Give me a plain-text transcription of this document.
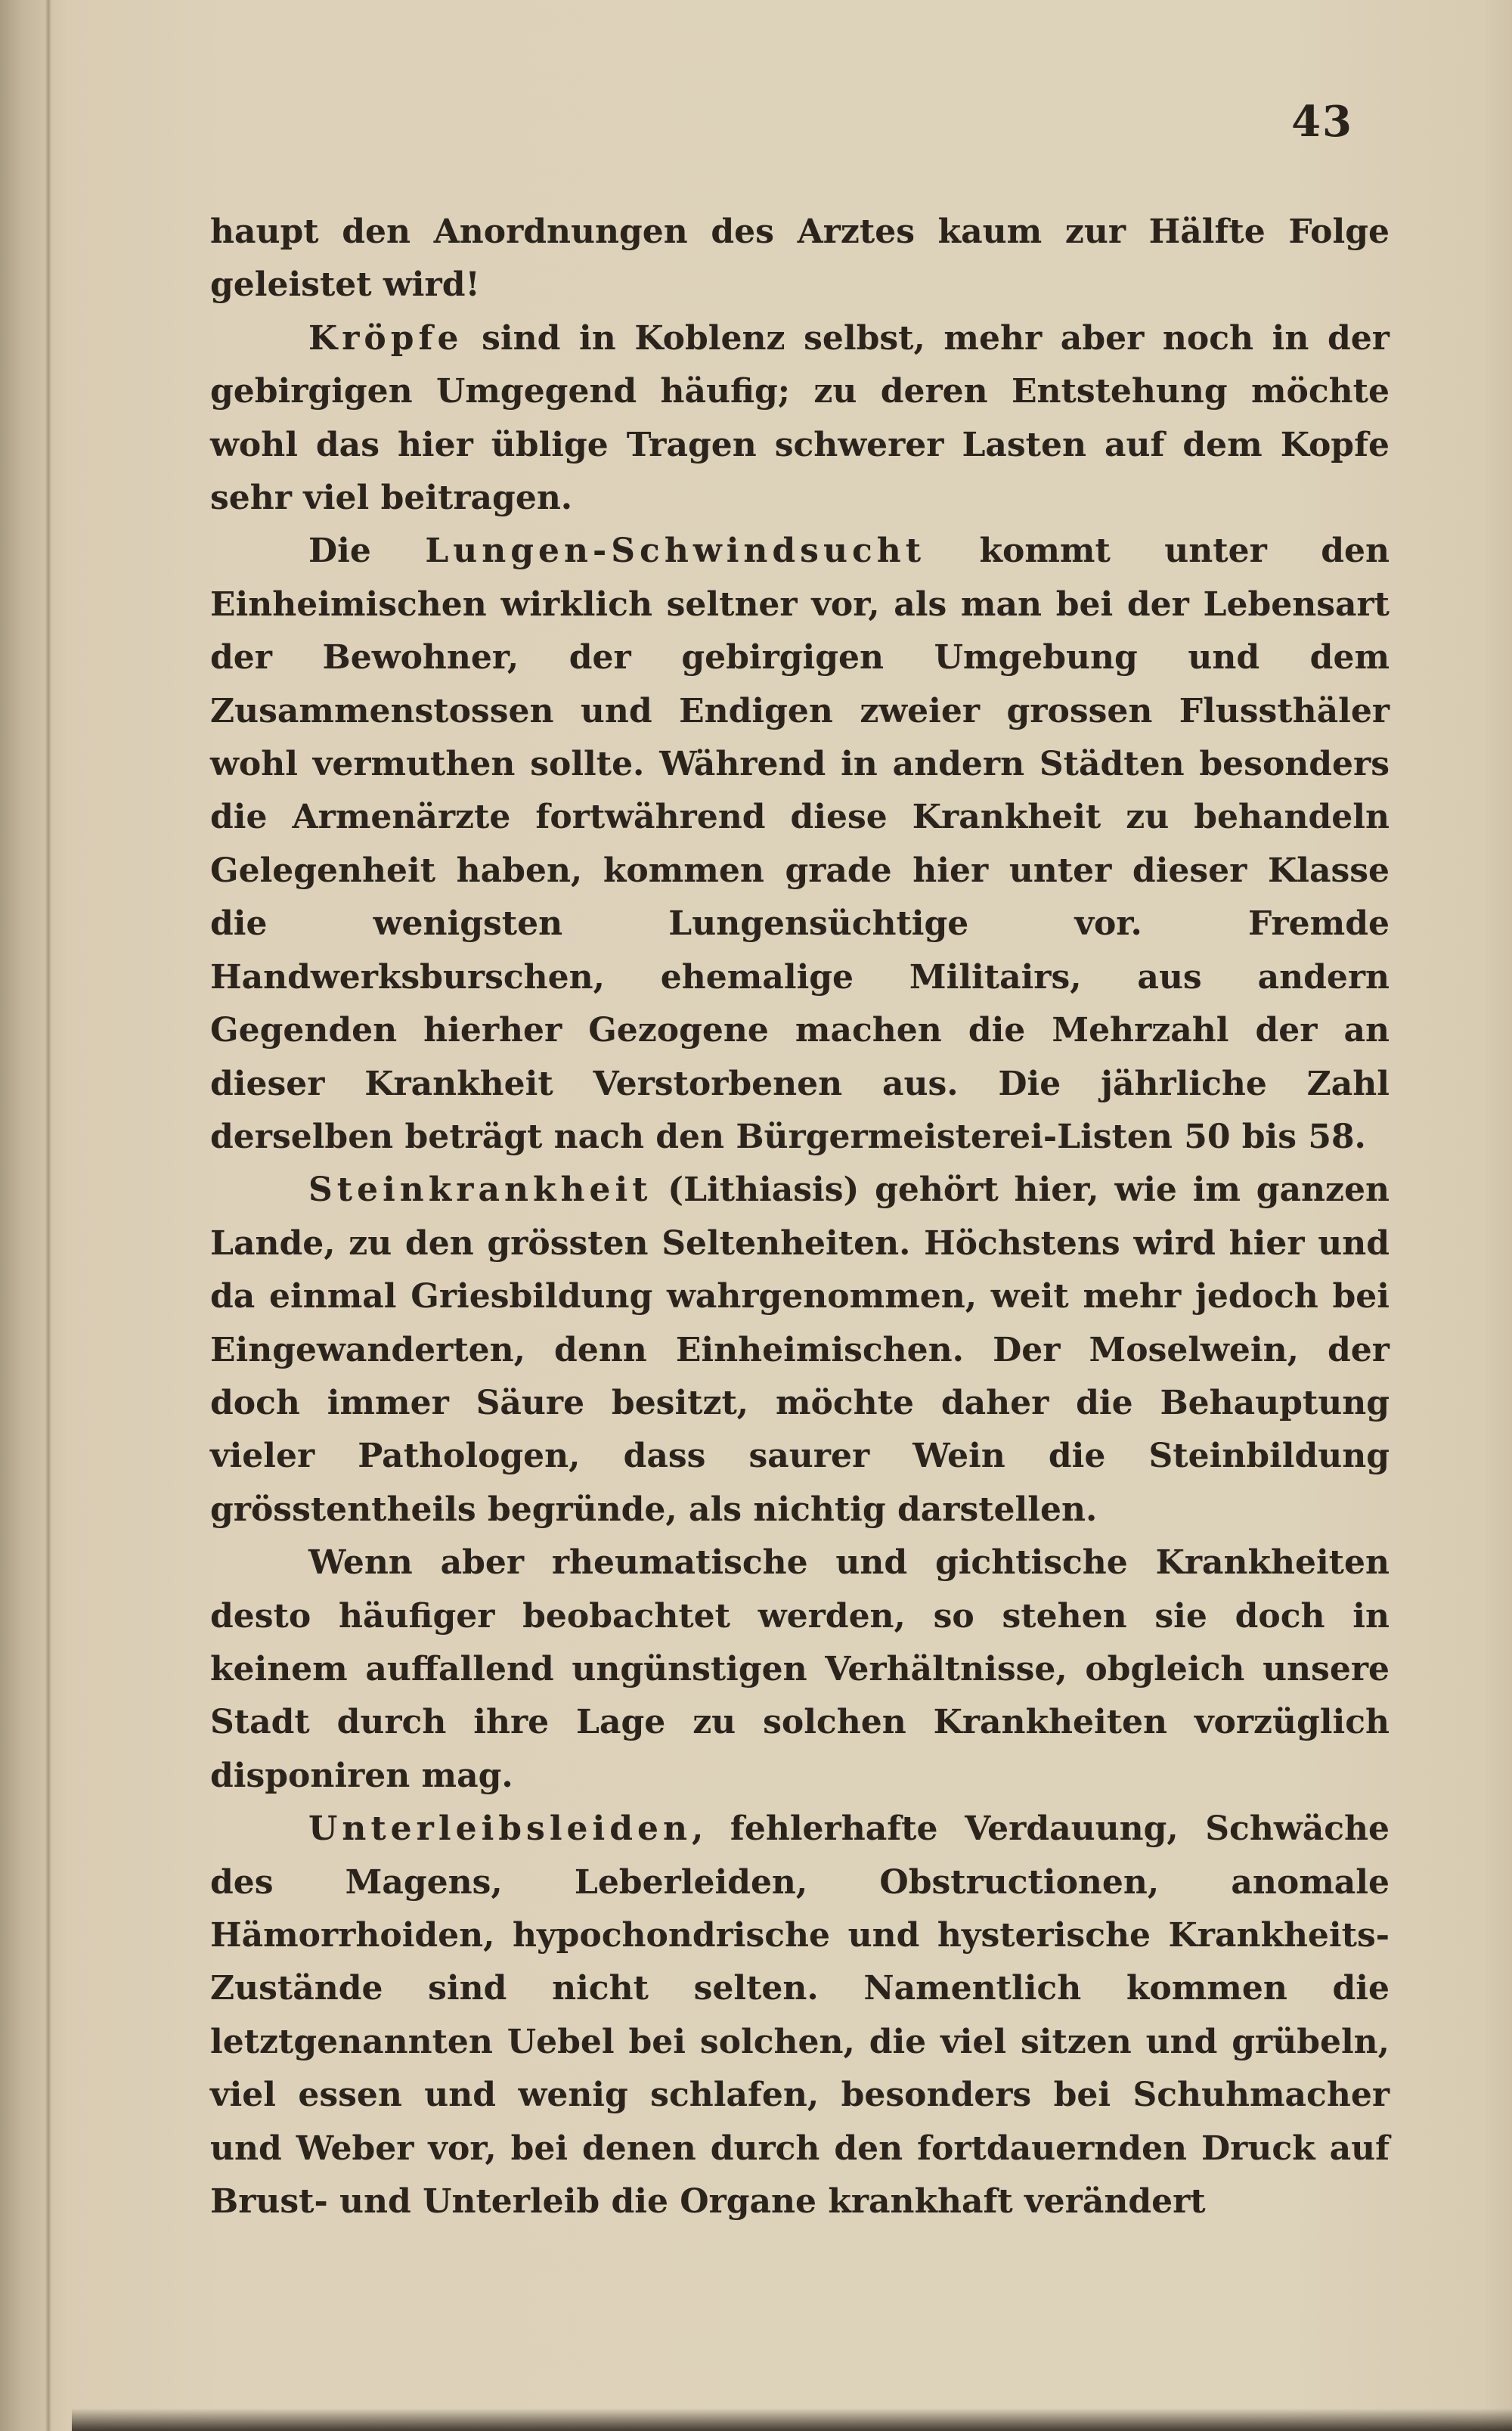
43

haupt den Anordnungen des Arztes kaum zur Hälfte Folge geleistet wird!

Kröpfe sind in Koblenz selbst, mehr aber noch in der gebirgigen Umgegend häufig; zu deren Entstehung möchte wohl das hier üblige Tragen schwerer Lasten auf dem Kopfe sehr viel beitragen.

Die Lungen-Schwindsucht kommt unter den Einheimischen wirklich seltner vor, als man bei der Lebensart der Bewohner, der gebirgigen Umgebung und dem Zusammenstossen und Endigen zweier grossen Flussthäler wohl vermuthen sollte. Während in andern Städten besonders die Armenärzte fortwährend diese Krankheit zu behandeln Gelegenheit haben, kommen grade hier unter dieser Klasse die wenigsten Lungensüchtige vor. Fremde Handwerksburschen, ehemalige Militairs, aus andern Gegenden hierher Gezogene machen die Mehrzahl der an dieser Krankheit Verstorbenen aus. Die jährliche Zahl derselben beträgt nach den Bürgermeisterei-Listen 50 bis 58.

Steinkrankheit (Lithiasis) gehört hier, wie im ganzen Lande, zu den grössten Seltenheiten. Höchstens wird hier und da einmal Griesbildung wahrgenommen, weit mehr jedoch bei Eingewanderten, denn Einheimischen. Der Moselwein, der doch immer Säure besitzt, möchte daher die Behauptung vieler Pathologen, dass saurer Wein die Steinbildung grösstentheils begründe, als nichtig darstellen.

Wenn aber rheumatische und gichtische Krankheiten desto häufiger beobachtet werden, so stehen sie doch in keinem auffallend ungünstigen Verhältnisse, obgleich unsere Stadt durch ihre Lage zu solchen Krankheiten vorzüglich disponiren mag.

Unterleibsleiden, fehlerhafte Verdauung, Schwäche des Magens, Leberleiden, Obstructionen, anomale Hämorrhoiden, hypochondrische und hysterische Krankheits-Zustände sind nicht selten. Namentlich kommen die letztgenannten Uebel bei solchen, die viel sitzen und grübeln, viel essen und wenig schlafen, besonders bei Schuhmacher und Weber vor, bei denen durch den fortdauernden Druck auf Brust- und Unterleib die Organe krankhaft verändert
